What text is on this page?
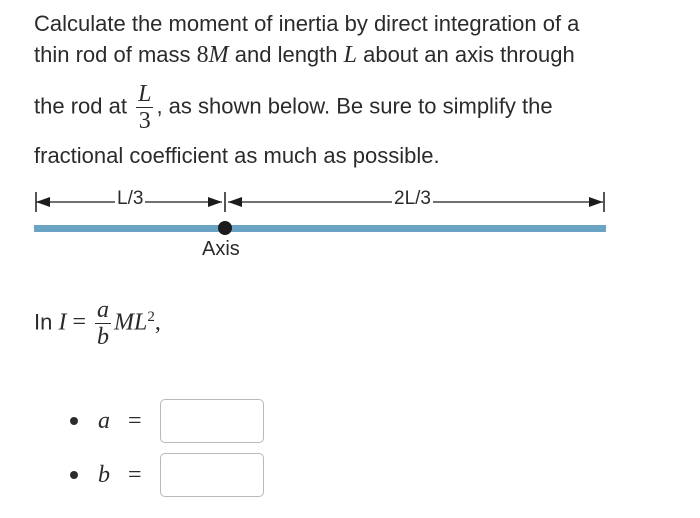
Calculate the moment of inertia by direct integration of a
thin rod of mass 8M and length L about an axis through
the rod at $\frac{L}{3}$ , as shown below. Be sure to simplify the
fractional coefficient as much as possible.
L/3	2L/3
Axis
In $I = \frac{a}{b} ML^2$,
a =
b =
